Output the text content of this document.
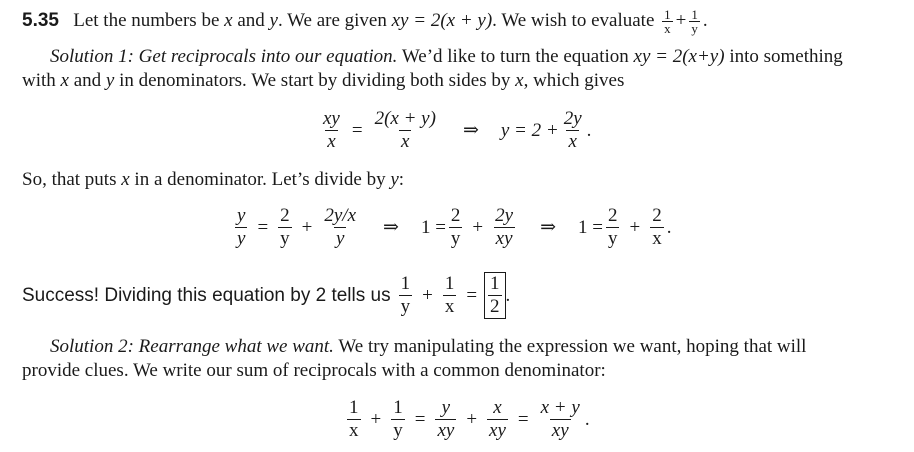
5.35 Let the numbers be x and y. We are given xy = 2(x + y). We wish to evaluate $\frac{1}{x} + \frac{1}{y}$ .
Solution 1: Get reciprocals into our equation. We’d like to turn the equation xy = 2(x+y) into something
with x and y in denominators. We start by dividing both sides by x, which gives
$\frac{xy}{x} = \frac{2(x + y)}{x}$ ⇒ $y = 2 + \frac{2y}{x}$ .
So, that puts x in a denominator. Let’s divide by y:
$\frac{y}{y} = \frac{2}{y} + \frac{2y/x}{y}$ ⇒ $1 = \frac{2}{y} + \frac{2y}{xy}$ ⇒ $1 = \frac{2}{y} + \frac{2}{x}$ .
Success! Dividing this equation by 2 tells us $\frac{1}{y} + \frac{1}{x} = \frac{1}{2}$ .
Solution 2: Rearrange what we want. We try manipulating the expression we want, hoping that will
provide clues. We write our sum of reciprocals with a common denominator:
$\frac{1}{x} + \frac{1}{y} = \frac{y}{xy} + \frac{x}{xy} = \frac{x + y}{xy}$ .
